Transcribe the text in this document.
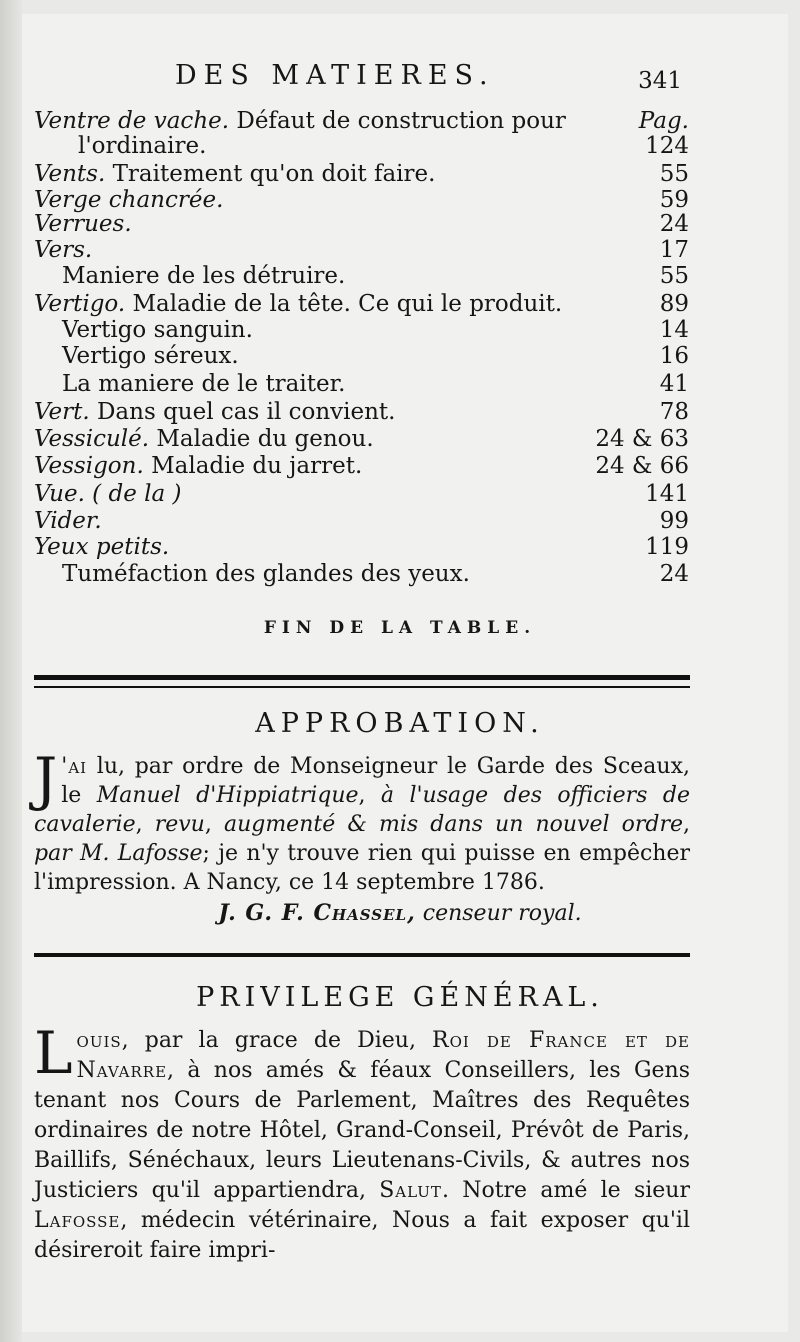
DES MATIERES.	341
Ventre de vache. Défaut de construction pour	Pag.
l'ordinaire.	124
Vents. Traitement qu'on doit faire.	55
Verge chancrée.	59
Verrues.	24
Vers.	17
Maniere de les détruire.	55
Vertigo. Maladie de la tête. Ce qui le produit.	89
Vertigo sanguin.	14
Vertigo séreux.	16
La maniere de le traiter.	41
Vert. Dans quel cas il convient.	78
Vessiculé. Maladie du genou.	24 & 63
Vessigon. Maladie du jarret.	24 & 66
Vue. ( de la )	141
Vider.	99
Yeux petits.	119
Tuméfaction des glandes des yeux.	24
FIN DE LA TABLE.
APPROBATION.
J 'ai lu, par ordre de Monseigneur le Garde des Sceaux, le Manuel d'Hippiatrique, à l'usage des officiers de cavalerie, revu, augmenté & mis dans un nouvel ordre, par M. Lafosse; je n'y trouve rien qui puisse en empêcher l'impression. A Nancy, ce 14 septembre 1786.
J. G. F. Chassel, censeur royal.
PRIVILEGE GÉNÉRAL.
Louis, par la grace de Dieu, Roi de France et de Navarre, à nos amés & féaux Conseillers, les Gens tenant nos Cours de Parlement, Maîtres des Requêtes ordinaires de notre Hôtel, Grand-Conseil, Prévôt de Paris, Baillifs, Sénéchaux, leurs Lieutenans-Civils, & autres nos Justiciers qu'il appartiendra, Salut. Notre amé le sieur Lafosse, médecin vétérinaire, Nous a fait exposer qu'il désireroit faire impri-
